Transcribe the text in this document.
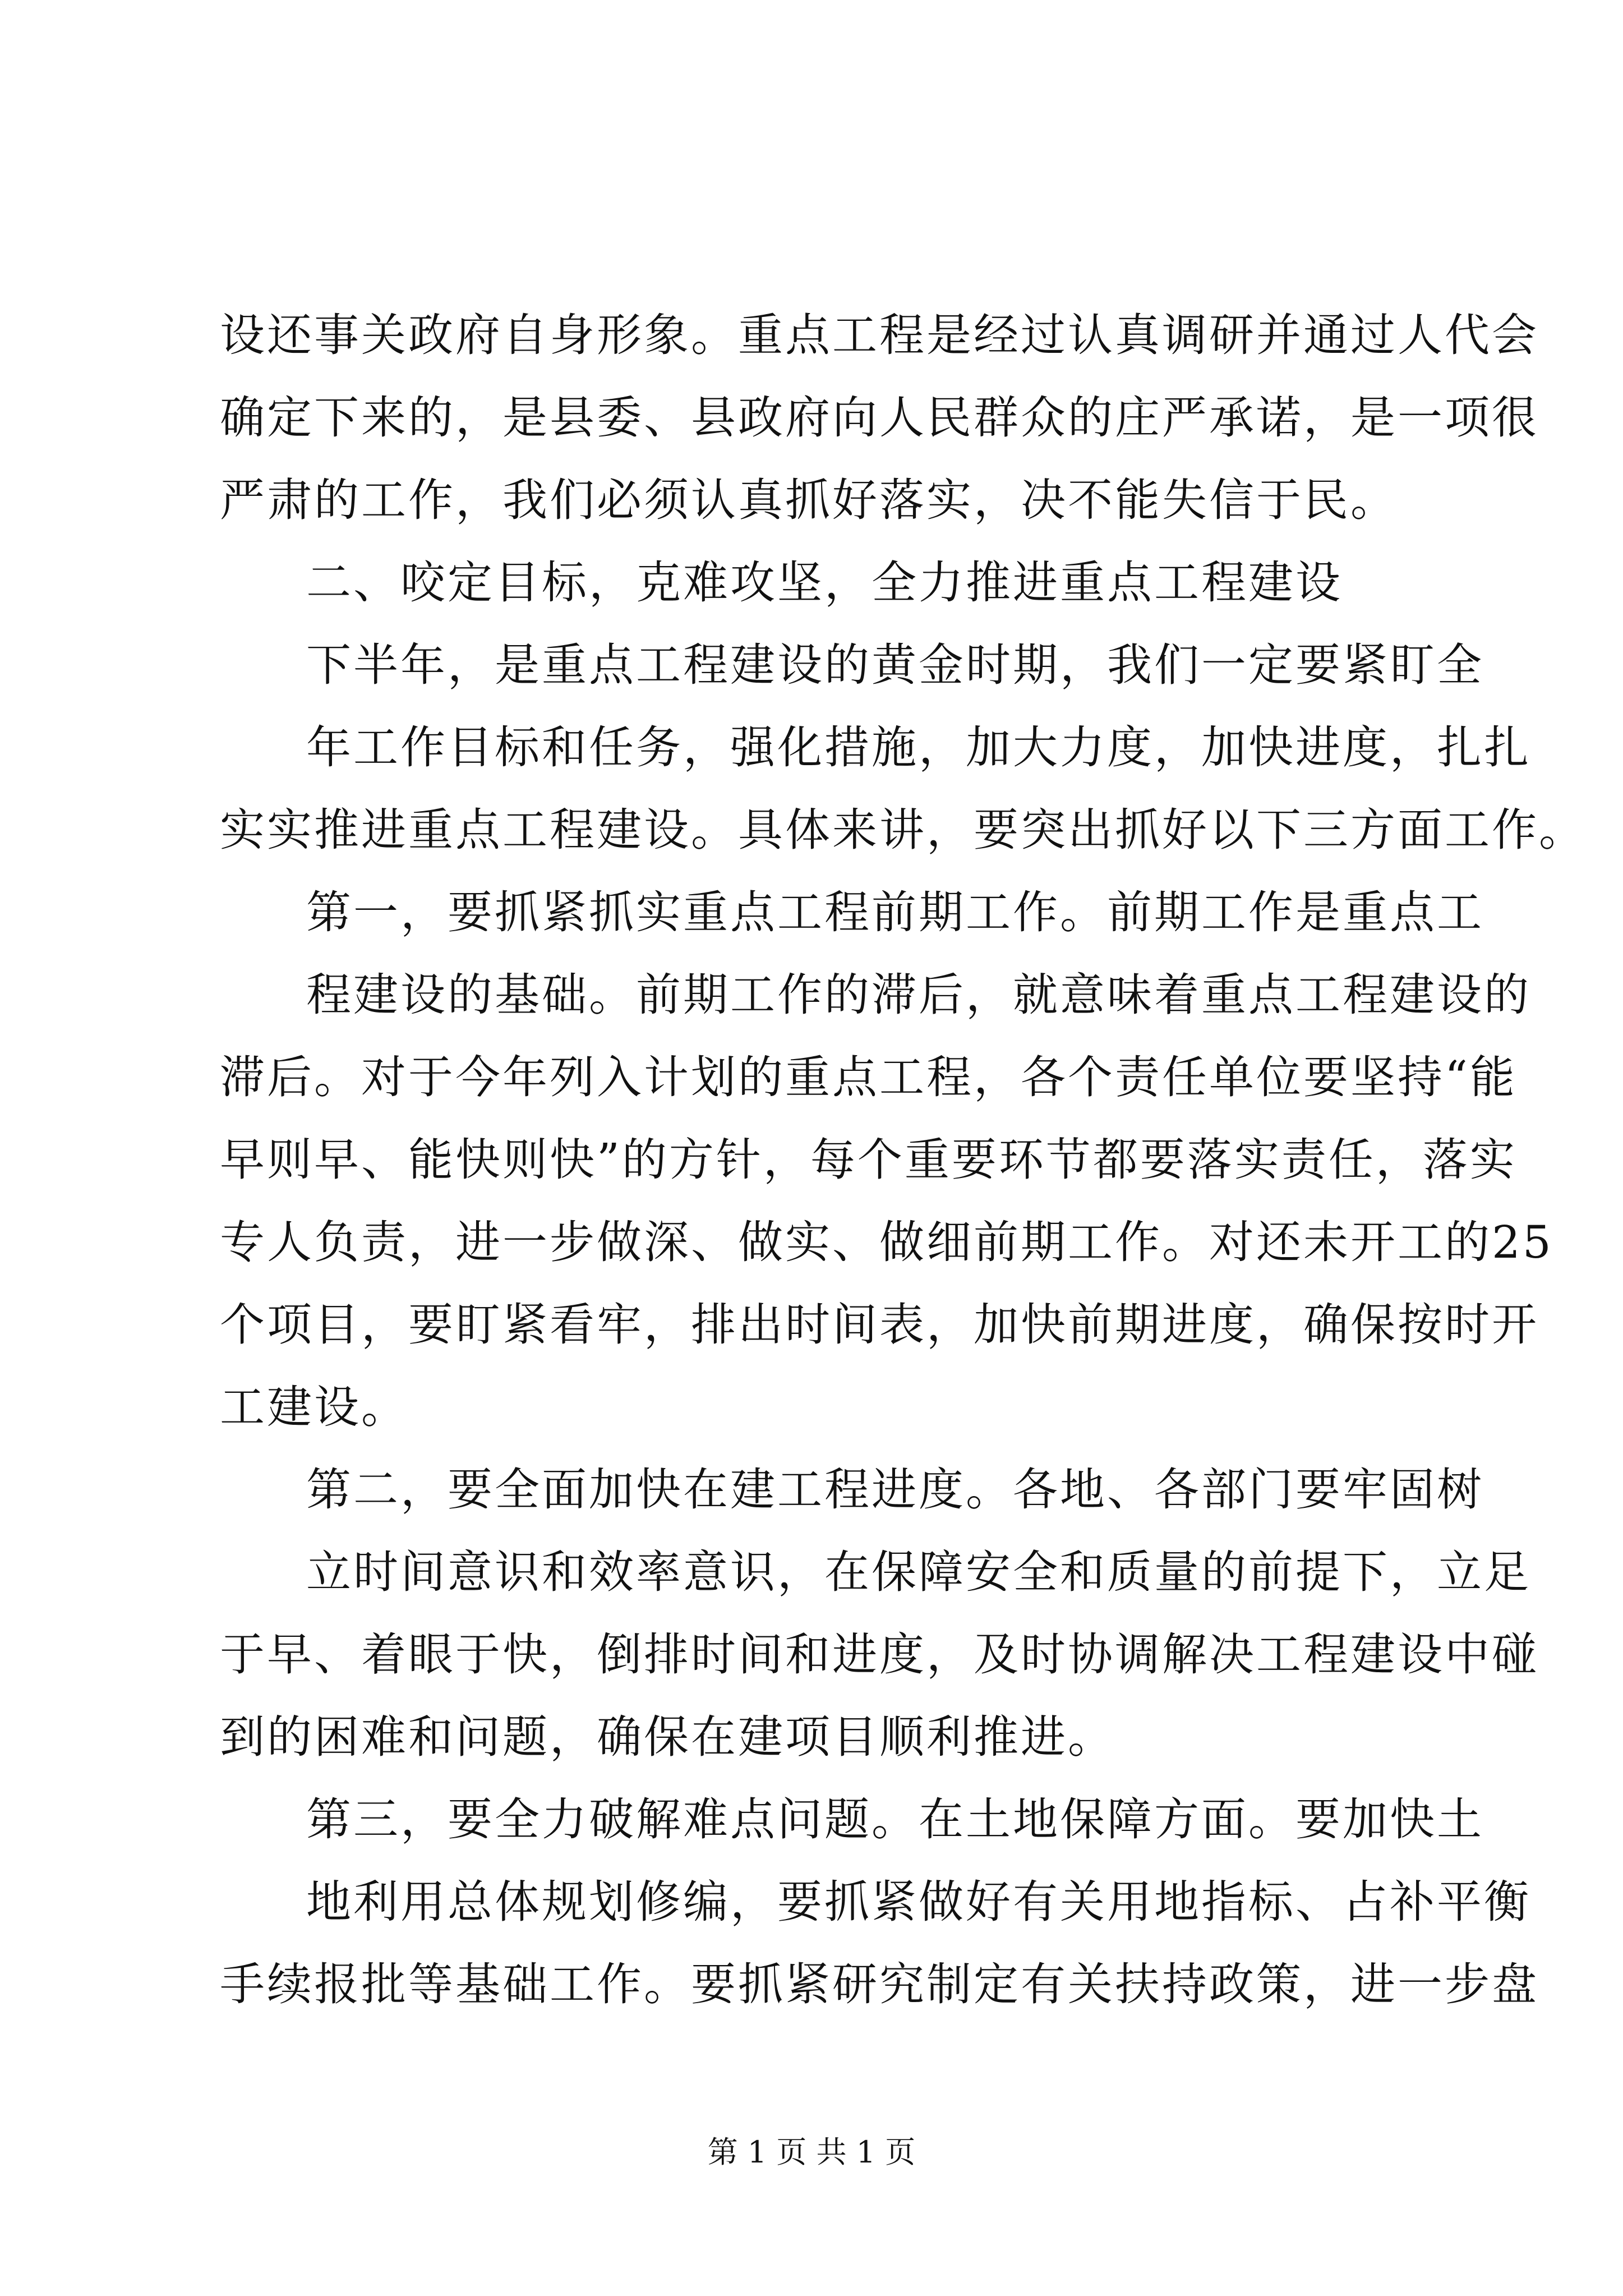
设还事关政府自身形象。重点工程是经过认真调研并通过人代会
确定下来的，是县委、县政府向人民群众的庄严承诺，是一项很
严肃的工作，我们必须认真抓好落实，决不能失信于民。
二、咬定目标，克难攻坚，全力推进重点工程建设
下半年，是重点工程建设的黄金时期，我们一定要紧盯全
年工作目标和任务，强化措施，加大力度，加快进度，扎扎
实实推进重点工程建设。具体来讲，要突出抓好以下三方面工作。
第一，要抓紧抓实重点工程前期工作。前期工作是重点工
程建设的基础。前期工作的滞后，就意味着重点工程建设的
滞后。对于今年列入计划的重点工程，各个责任单位要坚持“能
早则早、能快则快”的方针，每个重要环节都要落实责任，落实
专人负责，进一步做深、做实、做细前期工作。对还未开工的25
个项目，要盯紧看牢，排出时间表，加快前期进度，确保按时开
工建设。
第二，要全面加快在建工程进度。各地、各部门要牢固树
立时间意识和效率意识，在保障安全和质量的前提下，立足
于早、着眼于快，倒排时间和进度，及时协调解决工程建设中碰
到的困难和问题，确保在建项目顺利推进。
第三，要全力破解难点问题。在土地保障方面。要加快土
地利用总体规划修编，要抓紧做好有关用地指标、占补平衡
手续报批等基础工作。要抓紧研究制定有关扶持政策，进一步盘
第 1 页 共 1 页
